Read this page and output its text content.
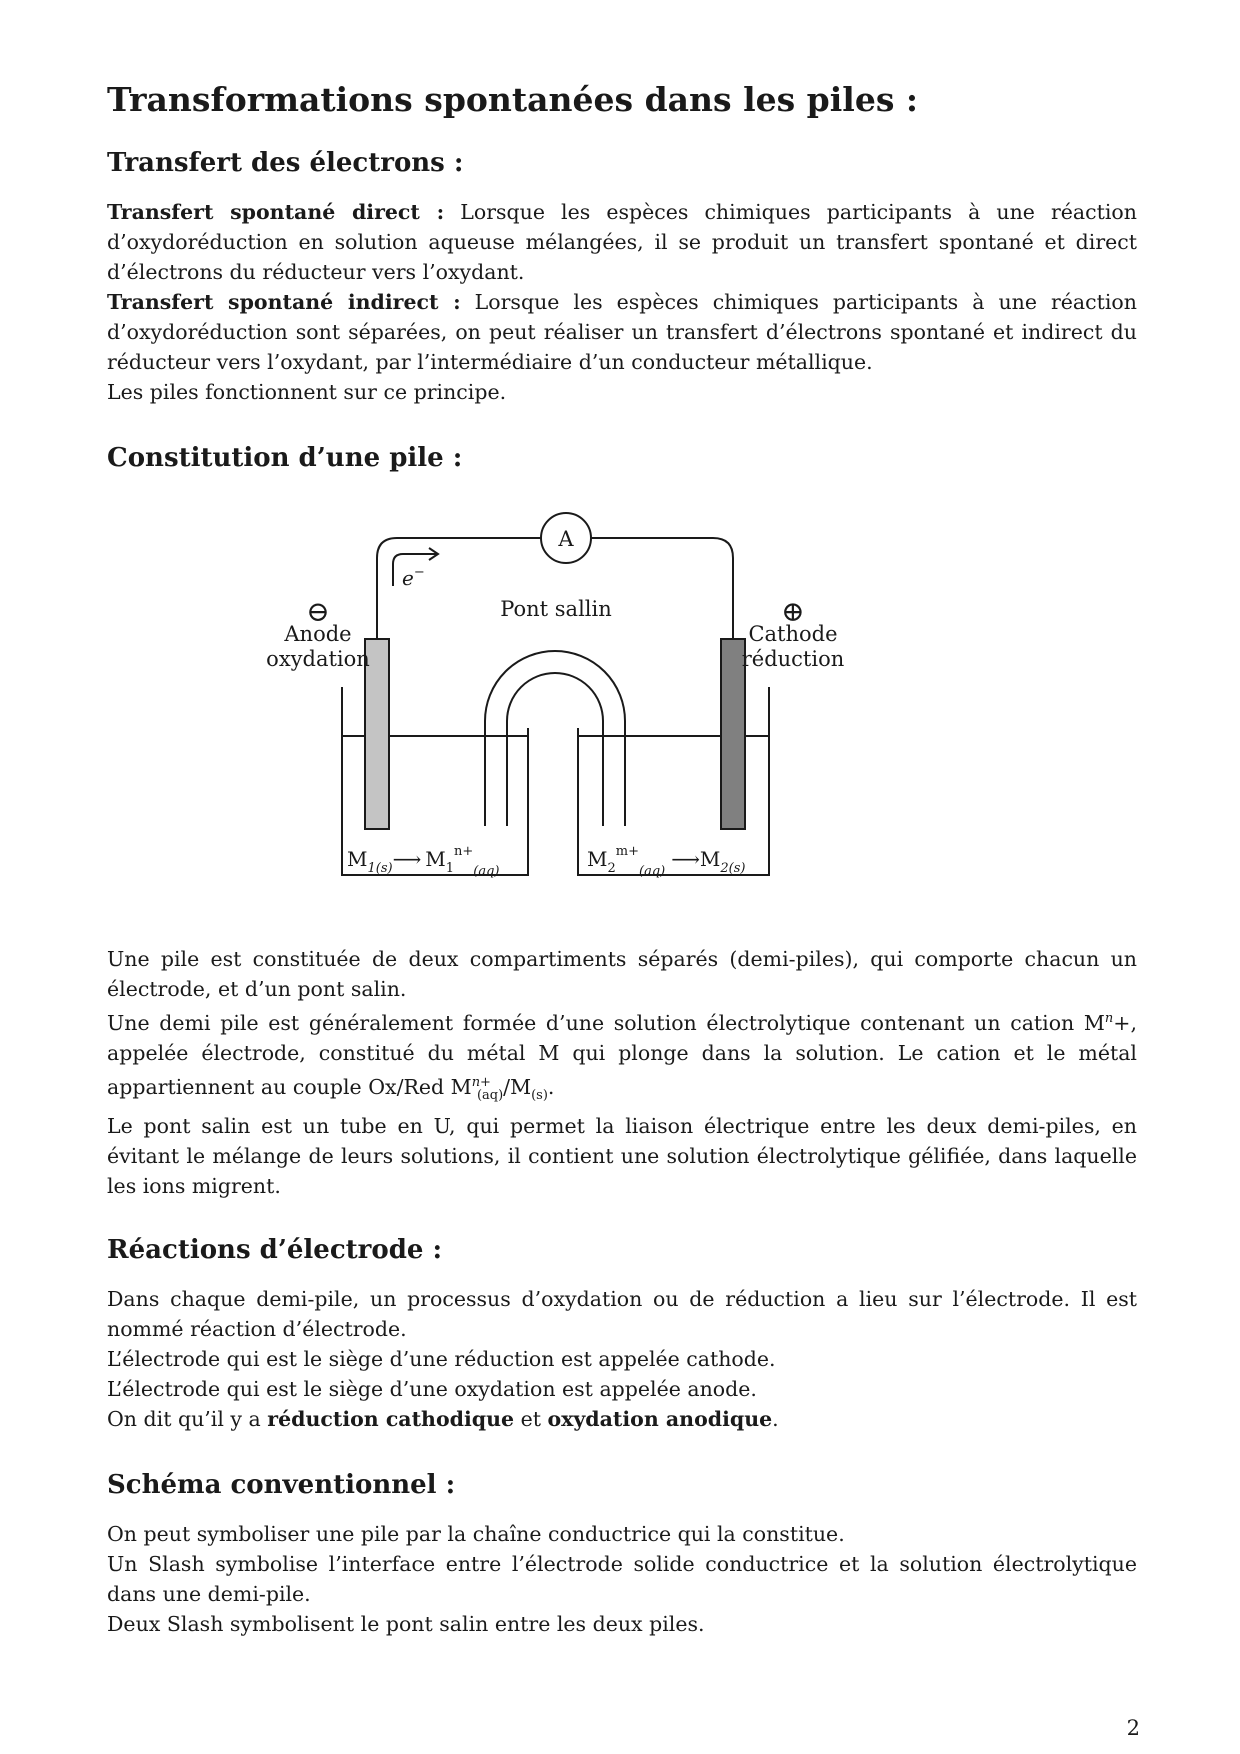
Transformations spontanées dans les piles :
Transfert des électrons :

Transfert spontané direct : Lorsque les espèces chimiques participants à une réaction d’oxydoréduction en solution aqueuse mélangées, il se produit un transfert spontané et direct d’électrons du réducteur vers l’oxydant.

Transfert spontané indirect : Lorsque les espèces chimiques participants à une réaction d’oxydoréduction sont séparées, on peut réaliser un transfert d’électrons spontané et indirect du réducteur vers l’oxydant, par l’intermédiaire d’un conducteur métallique.

Les piles fonctionnent sur ce principe.

Constitution d’une pile :
A
e−
Pont sallin
⊖	⊕
Anode
oxydation
Cathode
réduction
$M_{1(s)}⟶$ $M_1^{n+}_{(aq)}$
$M_2^{m+}_{(aq)}⟶M_{2(s)}$

Une pile est constituée de deux compartiments séparés (demi-piles), qui comporte chacun un électrode, et d’un pont salin.

Une demi pile est généralement formée d’une solution électrolytique contenant un cation $M^n+$, appelée électrode, constitué du métal M qui plonge dans la solution. Le cation et le métal appartiennent au couple Ox/Red $M^{n+}_{(aq)}/M_{(s)}$.

Le pont salin est un tube en U, qui permet la liaison électrique entre les deux demi-piles, en évitant le mélange de leurs solutions, il contient une solution électrolytique gélifiée, dans laquelle les ions migrent.

Réactions d’électrode :

Dans chaque demi-pile, un processus d’oxydation ou de réduction a lieu sur l’électrode. Il est nommé réaction d’électrode.

L’électrode qui est le siège d’une réduction est appelée cathode.

L’électrode qui est le siège d’une oxydation est appelée anode.

On dit qu’il y a réduction cathodique et oxydation anodique.

Schéma conventionnel :

On peut symboliser une pile par la chaîne conductrice qui la constitue.

Un Slash symbolise l’interface entre l’électrode solide conductrice et la solution électrolytique dans une demi-pile.

Deux Slash symbolisent le pont salin entre les deux piles.

2
